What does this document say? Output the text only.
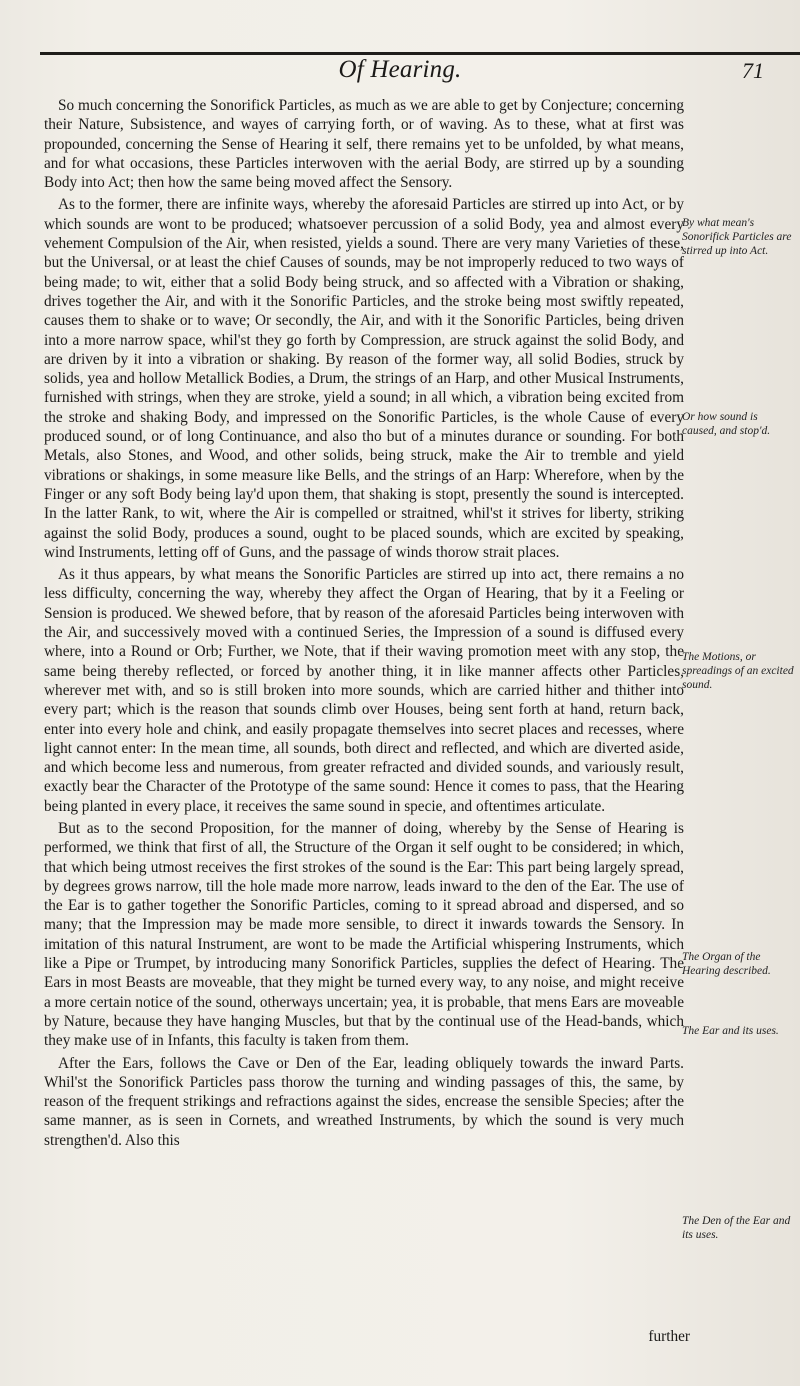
Of Hearing.	71

So much concerning the Sonorifick Particles, as much as we are able to get by Conjecture; concerning their Nature, Subsistence, and wayes of carrying forth, or of waving. As to these, what at first was propounded, concerning the Sense of Hearing it self, there remains yet to be unfolded, by what means, and for what occasions, these Particles interwoven with the aerial Body, are stirred up by a sounding Body into Act; then how the same being moved affect the Sensory.

As to the former, there are infinite ways, whereby the aforesaid Particles are stirred up into Act, or by which sounds are wont to be produced; whatsoever percussion of a solid Body, yea and almost every vehement Compulsion of the Air, when resisted, yields a sound. There are very many Varieties of these, but the Universal, or at least the chief Causes of sounds, may be not improperly reduced to two ways of being made; to wit, either that a solid Body being struck, and so affected with a Vibration or shaking, drives together the Air, and with it the Sonorific Particles, and the stroke being most swiftly repeated, causes them to shake or to wave; Or secondly, the Air, and with it the Sonorific Particles, being driven into a more narrow space, whil'st they go forth by Compression, are struck against the solid Body, and are driven by it into a vibration or shaking. By reason of the former way, all solid Bodies, struck by solids, yea and hollow Metallick Bodies, a Drum, the strings of an Harp, and other Musical Instruments, furnished with strings, when they are stroke, yield a sound; in all which, a vibration being excited from the stroke and shaking Body, and impressed on the Sonorific Particles, is the whole Cause of every produced sound, or of long Continuance, and also tho but of a minutes durance or sounding. For both Metals, also Stones, and Wood, and other solids, being struck, make the Air to tremble and yield vibrations or shakings, in some measure like Bells, and the strings of an Harp: Wherefore, when by the Finger or any soft Body being lay'd upon them, that shaking is stopt, presently the sound is intercepted. In the latter Rank, to wit, where the Air is compelled or straitned, whil'st it strives for liberty, striking against the solid Body, produces a sound, ought to be placed sounds, which are excited by speaking, wind Instruments, letting off of Guns, and the passage of winds thorow strait places.

As it thus appears, by what means the Sonorific Particles are stirred up into act, there remains a no less difficulty, concerning the way, whereby they affect the Organ of Hearing, that by it a Feeling or Sension is produced. We shewed before, that by reason of the aforesaid Particles being interwoven with the Air, and successively moved with a continued Series, the Impression of a sound is diffused every where, into a Round or Orb; Further, we Note, that if their waving promotion meet with any stop, the same being thereby reflected, or forced by another thing, it in like manner affects other Particles, wherever met with, and so is still broken into more sounds, which are carried hither and thither into every part; which is the reason that sounds climb over Houses, being sent forth at hand, return back, enter into every hole and chink, and easily propagate themselves into secret places and recesses, where light cannot enter: In the mean time, all sounds, both direct and reflected, and which are diverted aside, and which become less and numerous, from greater refracted and divided sounds, and variously result, exactly bear the Character of the Prototype of the same sound: Hence it comes to pass, that the Hearing being planted in every place, it receives the same sound in specie, and oftentimes articulate.

But as to the second Proposition, for the manner of doing, whereby by the Sense of Hearing is performed, we think that first of all, the Structure of the Organ it self ought to be considered; in which, that which being utmost receives the first strokes of the sound is the Ear: This part being largely spread, by degrees grows narrow, till the hole made more narrow, leads inward to the den of the Ear. The use of the Ear is to gather together the Sonorific Particles, coming to it spread abroad and dispersed, and so many; that the Impression may be made more sensible, to direct it inwards towards the Sensory. In imitation of this natural Instrument, are wont to be made the Artificial whispering Instruments, which like a Pipe or Trumpet, by introducing many Sonorifick Particles, supplies the defect of Hearing. The Ears in most Beasts are moveable, that they might be turned every way, to any noise, and might receive a more certain notice of the sound, otherways uncertain; yea, it is probable, that mens Ears are moveable by Nature, because they have hanging Muscles, but that by the continual use of the Head-bands, which they make use of in Infants, this faculty is taken from them.

After the Ears, follows the Cave or Den of the Ear, leading obliquely towards the inward Parts. Whil'st the Sonorifick Particles pass thorow the turning and winding passages of this, the same, by reason of the frequent strikings and refractions against the sides, encrease the sensible Species; after the same manner, as is seen in Cornets, and wreathed Instruments, by which the sound is very much strengthen'd. Also this

By what mean's Sonorifick Particles are stirred up into Act.
Or how sound is caused, and stop'd.
The Motions, or spreadings of an excited sound.
The Organ of the Hearing described.
The Ear and its uses.
The Den of the Ear and its uses.
further
